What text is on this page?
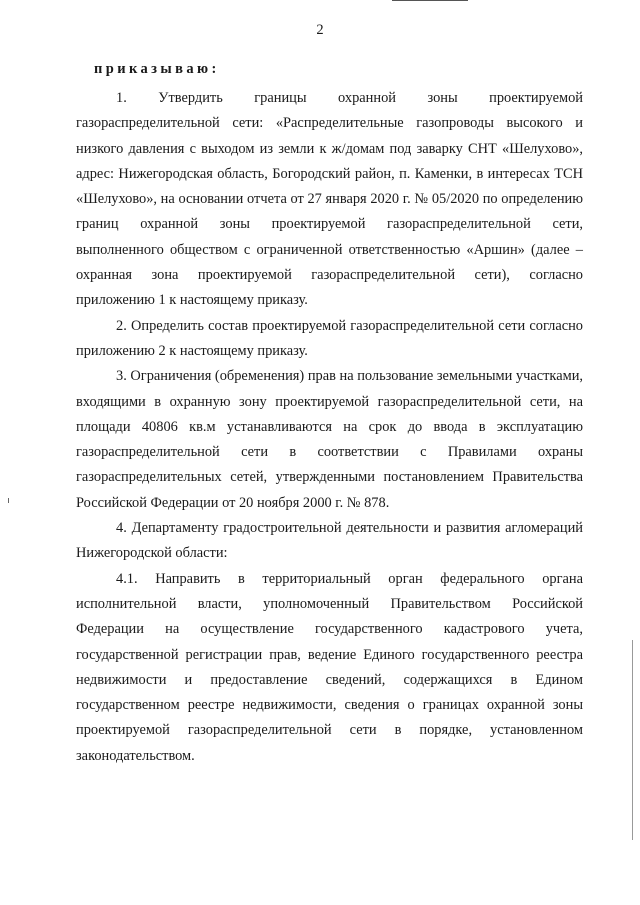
2
приказываю:

1. Утвердить границы охранной зоны проектируемой газораспределительной сети: «Распределительные газопроводы высокого и низкого давления с выходом из земли к ж/домам под заварку СНТ «Шелухово», адрес: Нижегородская область, Богородский район, п. Каменки, в интересах ТСН «Шелухово», на основании отчета от 27 января 2020 г. № 05/2020 по определению границ охранной зоны проектируемой газораспределительной сети, выполненного обществом с ограниченной ответственностью «Аршин» (далее – охранная зона проектируемой газораспределительной сети), согласно приложению 1 к настоящему приказу.

2. Определить состав проектируемой газораспределительной сети согласно приложению 2 к настоящему приказу.

3. Ограничения (обременения) прав на пользование земельными участками, входящими в охранную зону проектируемой газораспределительной сети, на площади 40806 кв.м устанавливаются на срок до ввода в эксплуатацию газораспределительной сети в соответствии с Правилами охраны газораспределительных сетей, утвержденными постановлением Правительства Российской Федерации от 20 ноября 2000 г. № 878.

4. Департаменту градостроительной деятельности и развития агломераций Нижегородской области:

4.1. Направить в территориальный орган федерального органа исполнительной власти, уполномоченный Правительством Российской Федерации на осуществление государственного кадастрового учета, государственной регистрации прав, ведение Единого государственного реестра недвижимости и предоставление сведений, содержащихся в Едином государственном реестре недвижимости, сведения о границах охранной зоны проектируемой газораспределительной сети в порядке, установленном законодательством.
